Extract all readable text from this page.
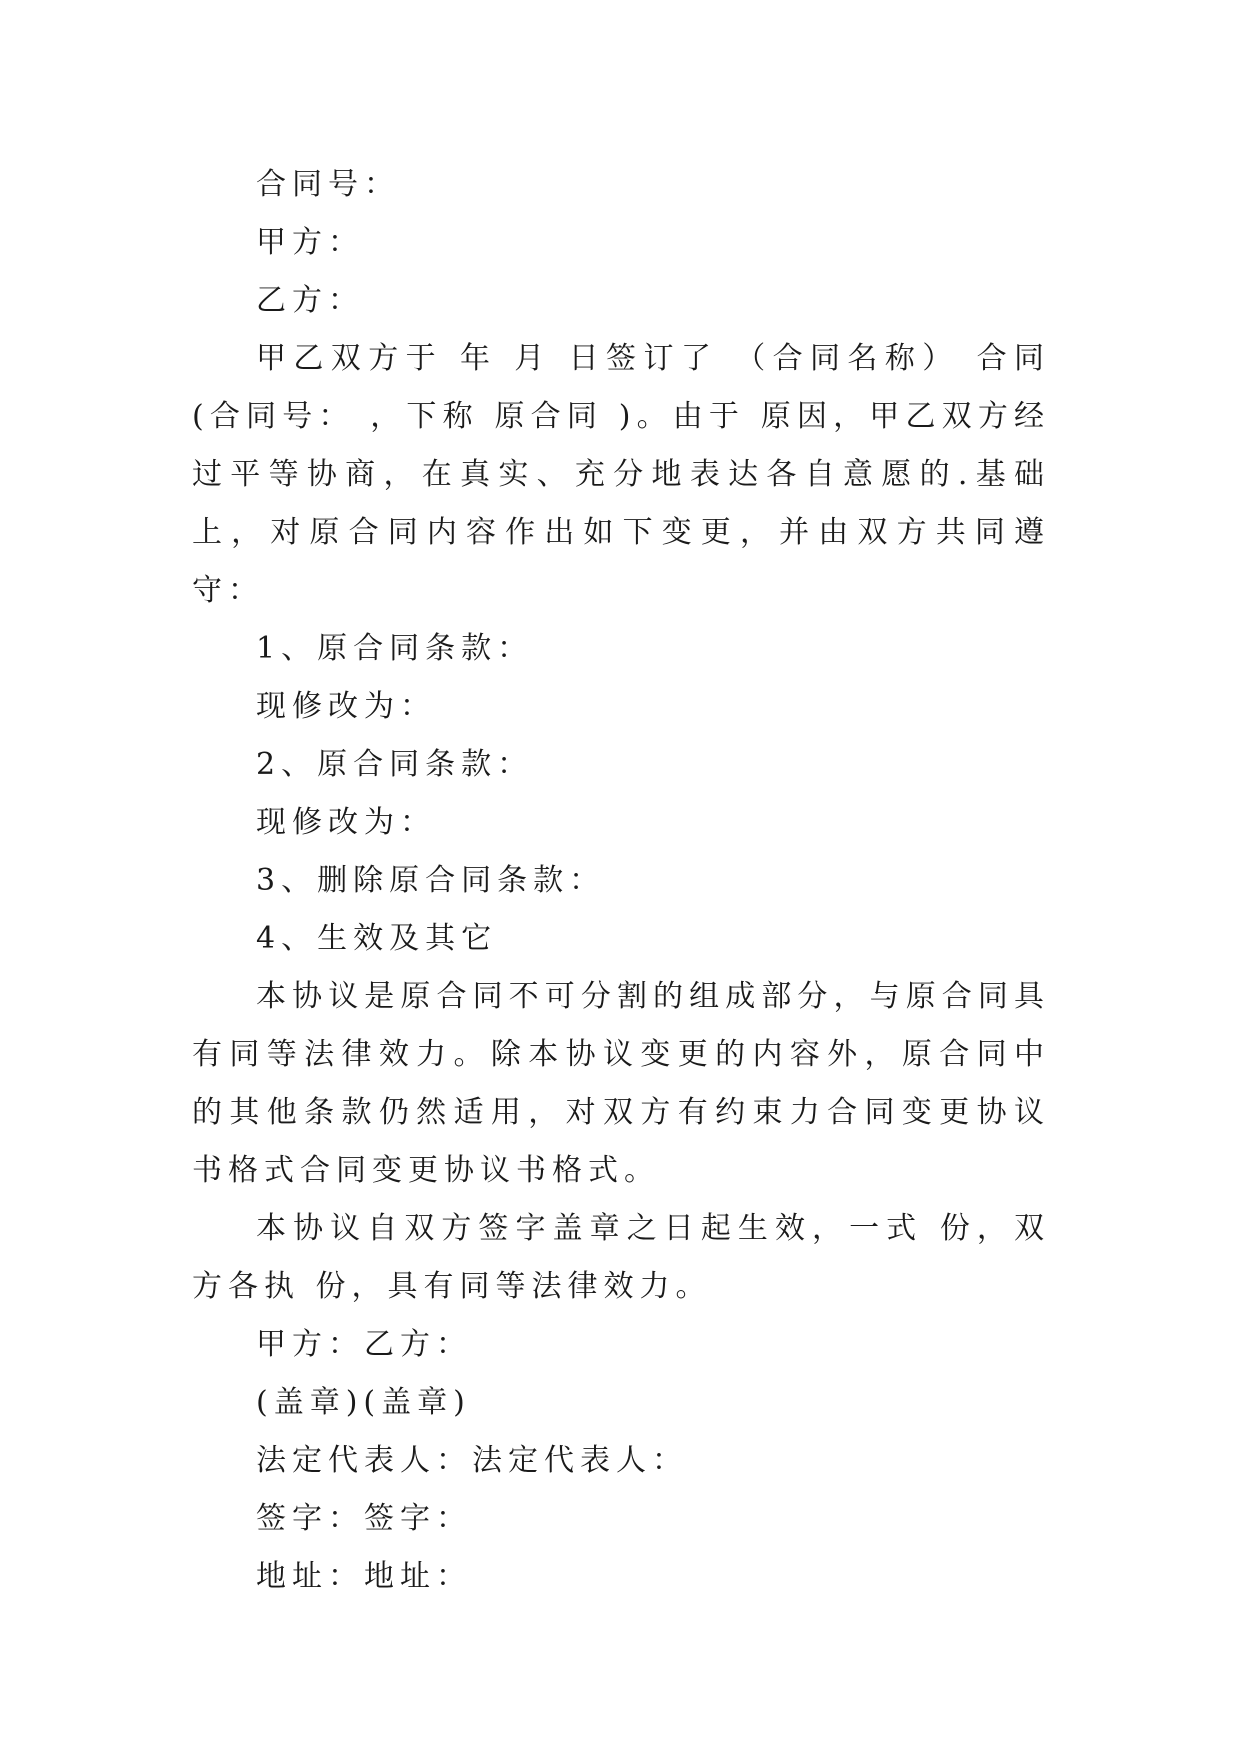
合同号：
甲方：
乙方：
甲乙双方于 年 月 日签订了 （合同名称） 合同(合同号： ，下称 原合同 )。由于 原因，甲乙双方经过平等协商，在真实、充分地表达各自意愿的.基础上，对原合同内容作出如下变更，并由双方共同遵守：
1、原合同条款：
现修改为：
2、原合同条款：
现修改为：
3、删除原合同条款：
4、生效及其它
本协议是原合同不可分割的组成部分，与原合同具有同等法律效力。除本协议变更的内容外，原合同中的其他条款仍然适用，对双方有约束力合同变更协议书格式合同变更协议书格式。
本协议自双方签字盖章之日起生效，一式 份，双方各执 份，具有同等法律效力。
甲方：乙方：
(盖章)(盖章)
法定代表人：法定代表人：
签字：签字：
地址：地址：
